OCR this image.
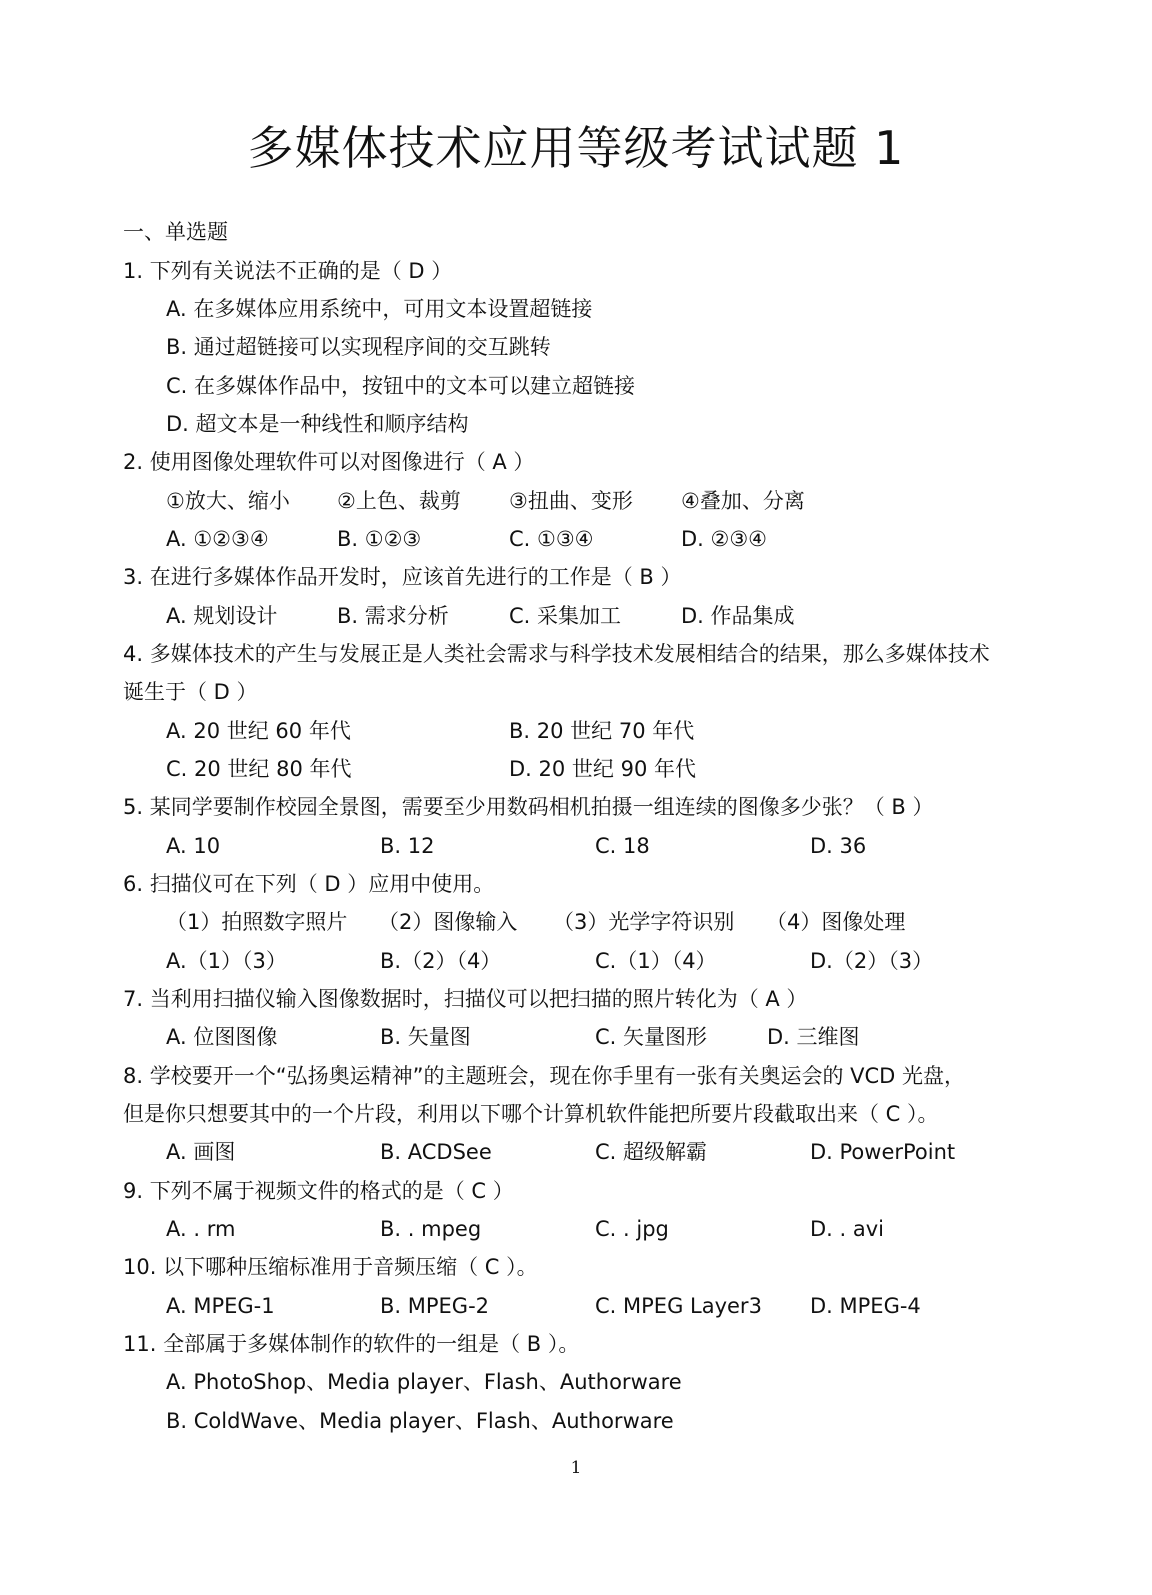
多媒体技术应用等级考试试题 1
一、单选题
1. 下列有关说法不正确的是（ D ）
A. 在多媒体应用系统中，可用文本设置超链接
B. 通过超链接可以实现程序间的交互跳转
C. 在多媒体作品中，按钮中的文本可以建立超链接
D. 超文本是一种线性和顺序结构
2. 使用图像处理软件可以对图像进行（ A ）
①放大、缩小 ②上色、裁剪 ③扭曲、变形 ④叠加、分离
A. ①②③④	B. ①②③	C. ①③④	D. ②③④
3. 在进行多媒体作品开发时，应该首先进行的工作是（ B ）
A. 规划设计	B. 需求分析	C. 采集加工	D. 作品集成
4. 多媒体技术的产生与发展正是人类社会需求与科学技术发展相结合的结果，那么多媒体技术
诞生于（ D ）
A. 20 世纪 60 年代	B. 20 世纪 70 年代
C. 20 世纪 80 年代	D. 20 世纪 90 年代
5. 某同学要制作校园全景图，需要至少用数码相机拍摄一组连续的图像多少张？（ B ）
A. 10	B. 12	C. 18	D. 36
6. 扫描仪可在下列（ D ）应用中使用。
（1）拍照数字照片 （2）图像输入 （3）光学字符识别 （4）图像处理
A.（1）（3）	B.（2）（4）	C.（1）（4）	D.（2）（3）
7. 当利用扫描仪输入图像数据时，扫描仪可以把扫描的照片转化为（ A ）
A. 位图图像	B. 矢量图	C. 矢量图形	D. 三维图
8. 学校要开一个“弘扬奥运精神”的主题班会，现在你手里有一张有关奥运会的 VCD 光盘，
但是你只想要其中的一个片段，利用以下哪个计算机软件能把所要片段截取出来（ C ）。
A. 画图	B. ACDSee	C. 超级解霸	D. PowerPoint
9. 下列不属于视频文件的格式的是（ C ）
A. . rm	B. . mpeg	C. . jpg	D. . avi
10. 以下哪种压缩标准用于音频压缩（ C ）。
A. MPEG-1	B. MPEG-2	C. MPEG Layer3 D. MPEG-4
11. 全部属于多媒体制作的软件的一组是（ B ）。
A. PhotoShop、Media player、Flash、Authorware
B. ColdWave、Media player、Flash、Authorware
1
